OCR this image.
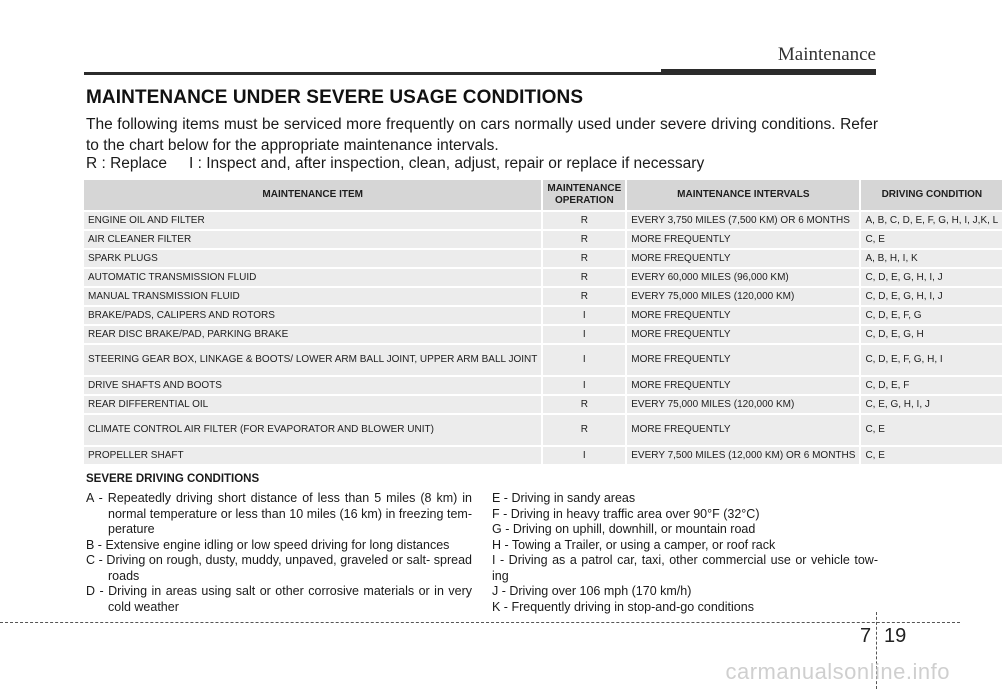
Maintenance
MAINTENANCE UNDER SEVERE USAGE CONDITIONS

The following items must be serviced more frequently on cars normally used under severe driving conditions. Refer to the chart below for the appropriate maintenance intervals.

R : Replace I : Inspect and, after inspection, clean, adjust, repair or replace if necessary
MAINTENANCE ITEM	MAINTENANCE OPERATION	MAINTENANCE INTERVALS	DRIVING CONDITION
ENGINE OIL AND FILTER	R	EVERY 3,750 MILES (7,500 KM) OR 6 MONTHS	A, B, C, D, E, F, G, H, I, J,K, L
AIR CLEANER FILTER	R	MORE FREQUENTLY	C, E
SPARK PLUGS	R	MORE FREQUENTLY	A, B, H, I, K
AUTOMATIC TRANSMISSION FLUID	R	EVERY 60,000 MILES (96,000 KM)	C, D, E, G, H, I, J
MANUAL TRANSMISSION FLUID	R	EVERY 75,000 MILES (120,000 KM)	C, D, E, G, H, I, J
BRAKE/PADS, CALIPERS AND ROTORS	I	MORE FREQUENTLY	C, D, E, F, G
REAR DISC BRAKE/PAD, PARKING BRAKE	I	MORE FREQUENTLY	C, D, E, G, H
STEERING GEAR BOX, LINKAGE & BOOTS/ LOWER ARM BALL JOINT, UPPER ARM BALL JOINT	I	MORE FREQUENTLY	C, D, E, F, G, H, I
DRIVE SHAFTS AND BOOTS	I	MORE FREQUENTLY	C, D, E, F
REAR DIFFERENTIAL OIL	R	EVERY 75,000 MILES (120,000 KM)	C, E, G, H, I, J
CLIMATE CONTROL AIR FILTER (FOR EVAPORATOR AND BLOWER UNIT)	R	MORE FREQUENTLY	C, E
PROPELLER SHAFT	I	EVERY 7,500 MILES (12,000 KM) OR 6 MONTHS	C, E
SEVERE DRIVING CONDITIONS

A - Repeatedly driving short distance of less than 5 miles (8 km) in normal temperature or less than 10 miles (16 km) in freezing tem- perature

B - Extensive engine idling or low speed driving for long distances

C - Driving on rough, dusty, muddy, unpaved, graveled or salt- spread roads

D - Driving in areas using salt or other corrosive materials or in very cold weather

E - Driving in sandy areas

F - Driving in heavy traffic area over 90°F (32°C)

G - Driving on uphill, downhill, or mountain road

H - Towing a Trailer, or using a camper, or roof rack

I - Driving as a patrol car, taxi, other commercial use or vehicle tow- ing

J - Driving over 106 mph (170 km/h)

K - Frequently driving in stop-and-go conditions

7 19
carmanualsonline.info
